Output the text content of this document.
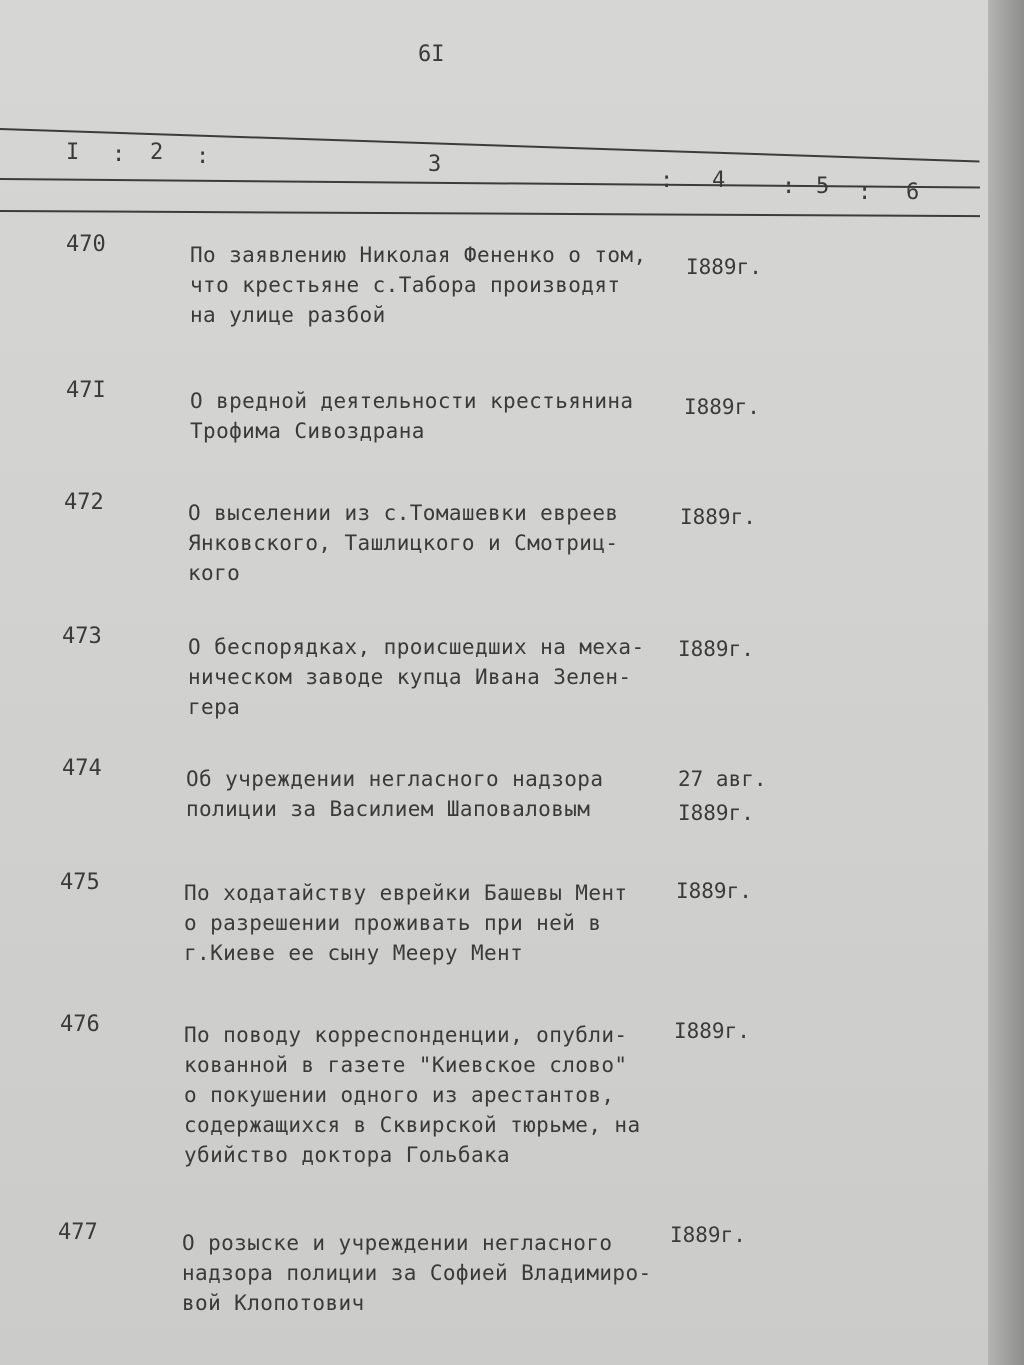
6I
I : 2 :	3
: 4	: 5 : 6
470	По заявлению Николая Фененко о том,
что крестьяне с.Табора производят
на улице разбой
I889г.
47I	О вредной деятельности крестьянина
Трофима Сивоздрана
I889г.
472	О выселении из с.Томашевки евреев
Янковского, Ташлицкого и Смотриц-
кого
I889г.
473	О беспорядках, происшедших на меха-
ническом заводе купца Ивана Зелен-
гера
I889г.
474	Об учреждении негласного надзора
полиции за Василием Шаповаловым
27 авг.
I889г.
475	По ходатайству еврейки Башевы Мент
о разрешении проживать при ней в
г.Киеве ее сыну Мееру Мент
I889г.
476	По поводу корреспонденции, опубли-
кованной в газете "Киевское слово"
о покушении одного из арестантов,
содержащихся в Сквирской тюрьме, на
убийство доктора Гольбака
I889г.
477	О розыске и учреждении негласного
надзора полиции за Софией Владимиро-
вой Клопотович
I889г.
